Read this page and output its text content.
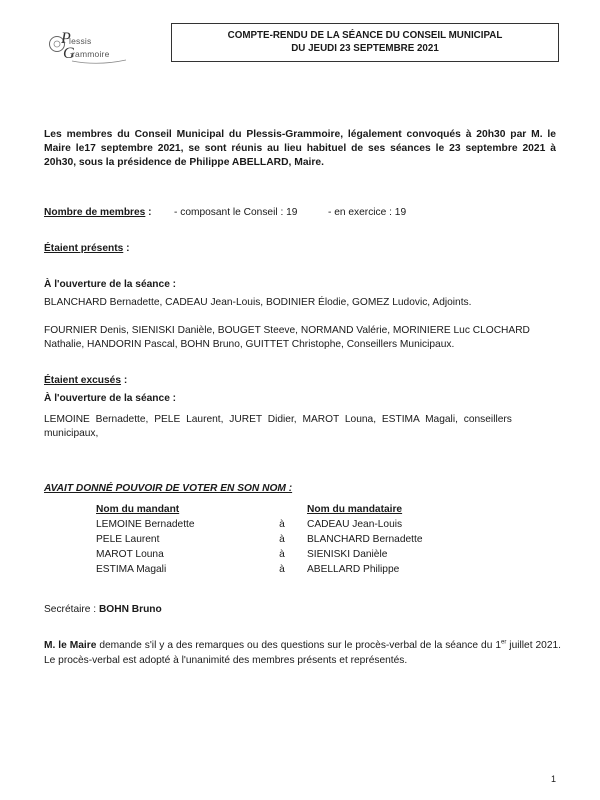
P
G
lessis
rammoire
COMPTE-RENDU DE LA SÉANCE DU CONSEIL MUNICIPAL
DU JEUDI 23 SEPTEMBRE 2021
Les membres du Conseil Municipal du Plessis-Grammoire, légalement convoqués à 20h30 par M. le Maire le17 septembre 2021, se sont réunis au lieu habituel de ses séances le 23 septembre 2021 à 20h30, sous la présidence de Philippe ABELLARD, Maire.
Nombre de membres : - composant le Conseil : 19	- en exercice : 19
Étaient présents :
À l'ouverture de la séance :
BLANCHARD Bernadette, CADEAU Jean-Louis, BODINIER Élodie, GOMEZ Ludovic, Adjoints.
FOURNIER Denis, SIENISKI Danièle, BOUGET Steeve, NORMAND Valérie, MORINIERE Luc CLOCHARD Nathalie, HANDORIN Pascal, BOHN Bruno, GUITTET Christophe, Conseillers Municipaux.
Étaient excusés :
À l'ouverture de la séance :
LEMOINE Bernadette, PELE Laurent, JURET Didier, MAROT Louna, ESTIMA Magali, conseillers municipaux,
AVAIT DONNÉ POUVOIR DE VOTER EN SON NOM :
Nom du mandant		Nom du mandataire
LEMOINE Bernadette	à	CADEAU Jean-Louis
PELE Laurent	à	BLANCHARD Bernadette
MAROT Louna	à	SIENISKI Danièle
ESTIMA Magali	à	ABELLARD Philippe
Secrétaire : BOHN Bruno
M. le Maire demande s'il y a des remarques ou des questions sur le procès-verbal de la séance du 1er juillet 2021. Le procès-verbal est adopté à l'unanimité des membres présents et représentés.
1
